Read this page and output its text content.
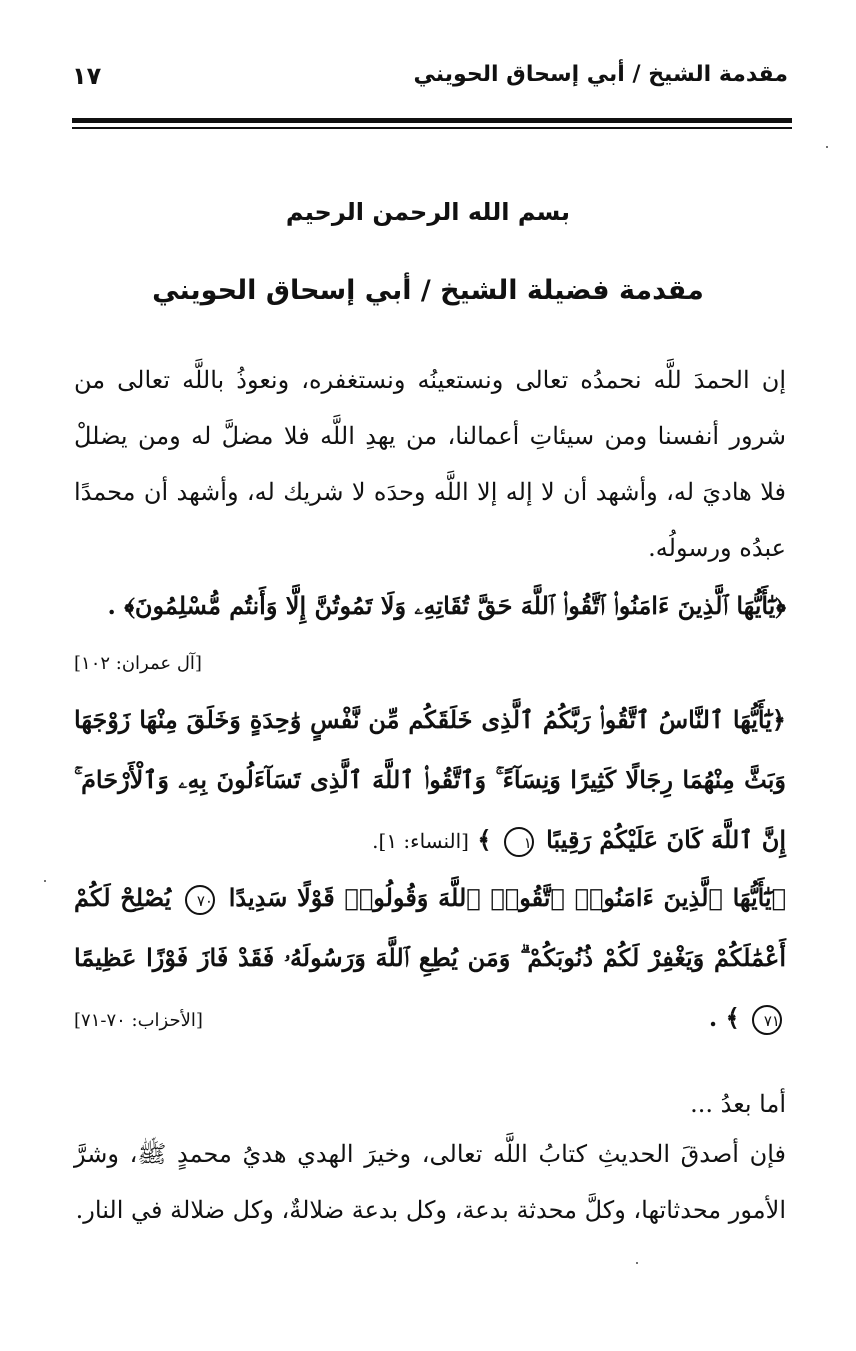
مقدمة الشيخ / أبي إسحاق الحويني
١٧
بسم الله الرحمن الرحيم
مقدمة فضيلة الشيخ / أبي إسحاق الحويني

إن الحمدَ للَّه نحمدُه تعالى ونستعينُه ونستغفره، ونعوذُ باللَّه تعالى من شرور أنفسنا ومن سيئاتِ أعمالنا، من يهدِ اللَّه فلا مضلَّ له ومن يضللْ فلا هاديَ له، وأشهد أن لا إله إلا اللَّه وحدَه لا شريك له، وأشهد أن محمدًا عبدُه ورسولُه.

﴿يَٰٓأَيُّهَا ٱلَّذِينَ ءَامَنُوا۟ ٱتَّقُوا۟ ٱللَّهَ حَقَّ تُقَاتِهِۦ وَلَا تَمُوتُنَّ إِلَّا وَأَنتُم مُّسْلِمُونَ﴾ .
[آل عمران: ١٠٢]
﴿يَٰٓأَيُّهَا ٱلنَّاسُ ٱتَّقُوا۟ رَبَّكُمُ ٱلَّذِى خَلَقَكُم مِّن نَّفْسٍ وَٰحِدَةٍ وَخَلَقَ مِنْهَا زَوْجَهَا وَبَثَّ مِنْهُمَا رِجَالًا كَثِيرًا وَنِسَآءً ۚ وَٱتَّقُوا۟ ٱللَّهَ ٱلَّذِى تَسَآءَلُونَ بِهِۦ وَٱلْأَرْحَامَ ۚ إِنَّ ٱللَّهَ كَانَ عَلَيْكُمْ رَقِيبًا ١ ﴾ [النساء: ١].
﴿يَٰٓأَيُّهَا ٱلَّذِينَ ءَامَنُوا۟ ٱتَّقُوا۟ ٱللَّهَ وَقُولُوا۟ قَوْلًا سَدِيدًا ٧٠ يُصْلِحْ لَكُمْ أَعْمَٰلَكُمْ وَيَغْفِرْ لَكُمْ ذُنُوبَكُمْ ۗ وَمَن يُطِعِ ٱللَّهَ وَرَسُولَهُۥ فَقَدْ فَازَ فَوْزًا عَظِيمًا ٧١ ﴾ .
[الأحزاب: ٧٠-٧١]

أما بعدُ ...

فإن أصدقَ الحديثِ كتابُ اللَّه تعالى، وخيرَ الهدي هديُ محمدٍ ﷺ، وشرَّ الأمور محدثاتها، وكلَّ محدثة بدعة، وكل بدعة ضلالةٌ، وكل ضلالة في النار.
